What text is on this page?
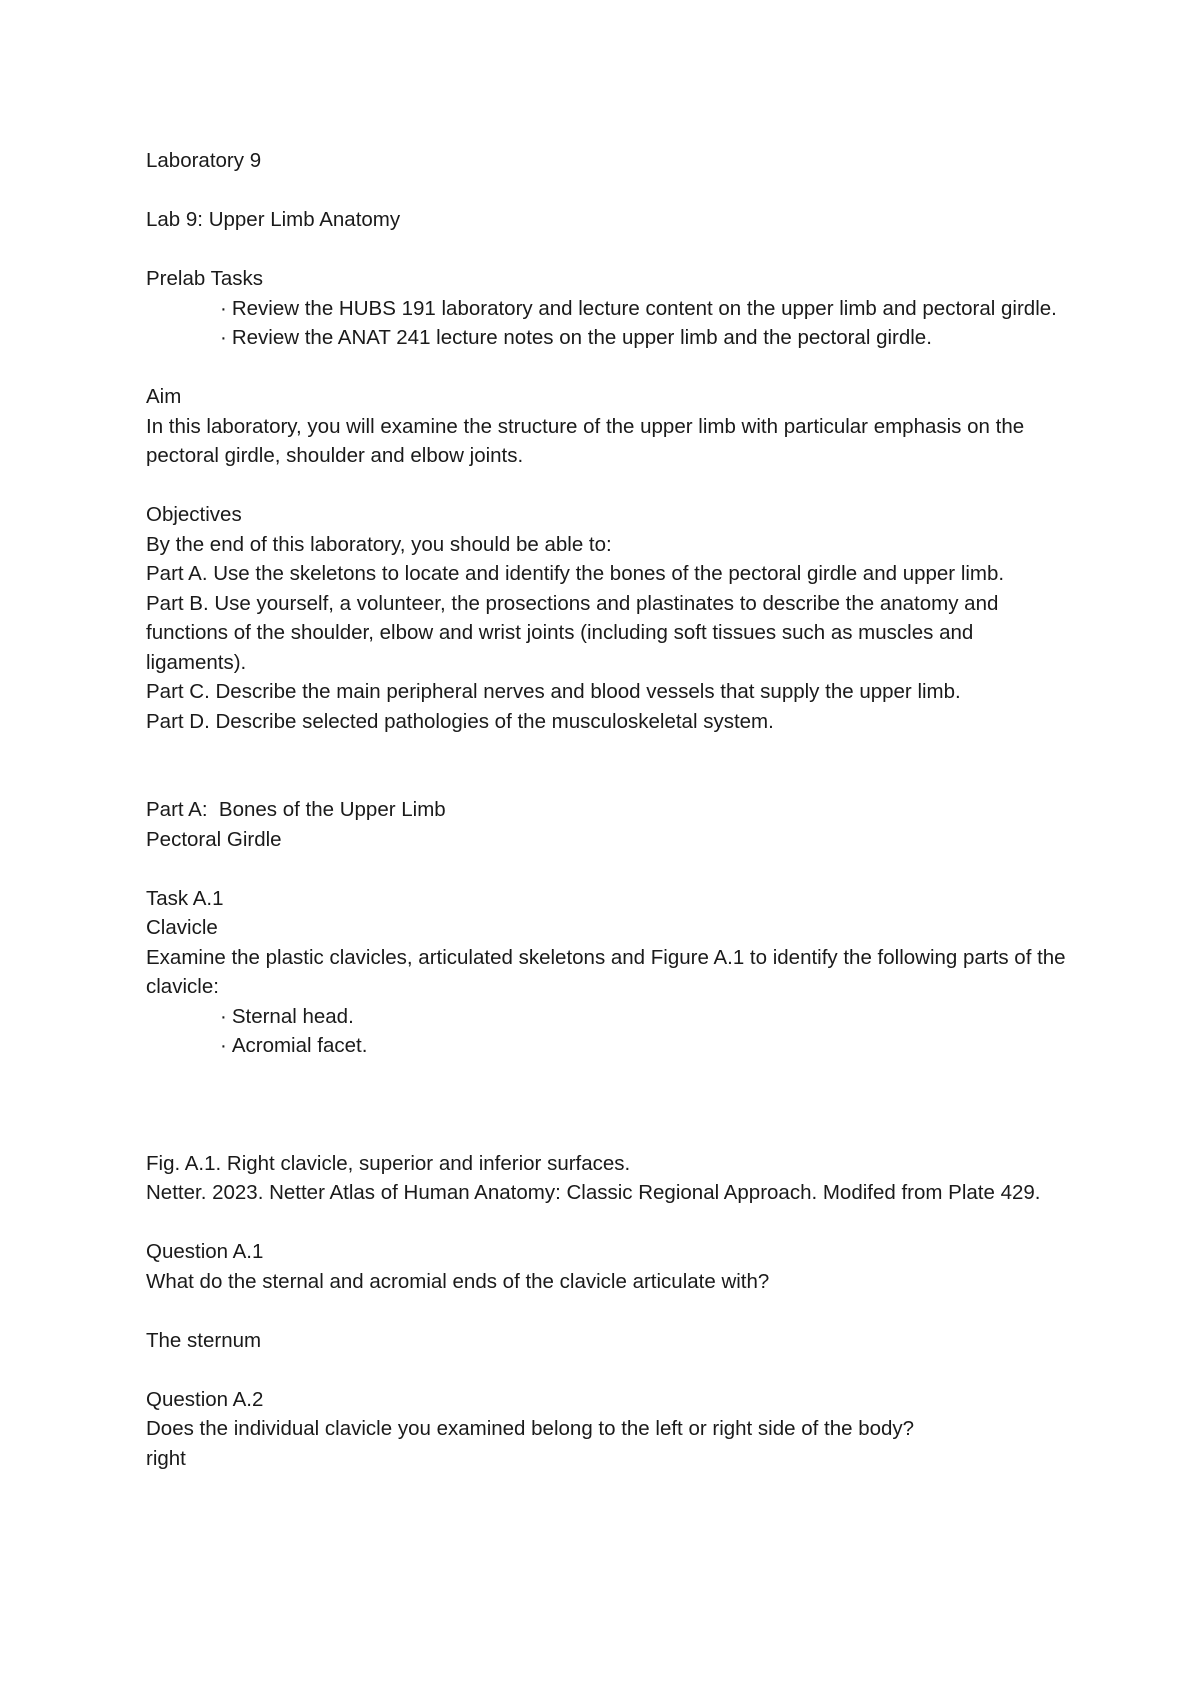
Laboratory 9
Lab 9: Upper Limb Anatomy
Prelab Tasks
· Review the HUBS 191 laboratory and lecture content on the upper limb and pectoral girdle.
· Review the ANAT 241 lecture notes on the upper limb and the pectoral girdle.
Aim
In this laboratory, you will examine the structure of the upper limb with particular emphasis on the pectoral girdle, shoulder and elbow joints.
Objectives
By the end of this laboratory, you should be able to:
Part A. Use the skeletons to locate and identify the bones of the pectoral girdle and upper limb.
Part B. Use yourself, a volunteer, the prosections and plastinates to describe the anatomy and functions of the shoulder, elbow and wrist joints (including soft tissues such as muscles and ligaments).
Part C. Describe the main peripheral nerves and blood vessels that supply the upper limb.
Part D. Describe selected pathologies of the musculoskeletal system.
Part A:  Bones of the Upper Limb
Pectoral Girdle
Task A.1
Clavicle
Examine the plastic clavicles, articulated skeletons and Figure A.1 to identify the following parts of the clavicle:
· Sternal head.
· Acromial facet.
Fig. A.1. Right clavicle, superior and inferior surfaces.
Netter. 2023. Netter Atlas of Human Anatomy: Classic Regional Approach. Modifed from Plate 429.
Question A.1
What do the sternal and acromial ends of the clavicle articulate with?
The sternum
Question A.2
Does the individual clavicle you examined belong to the left or right side of the body?
right
